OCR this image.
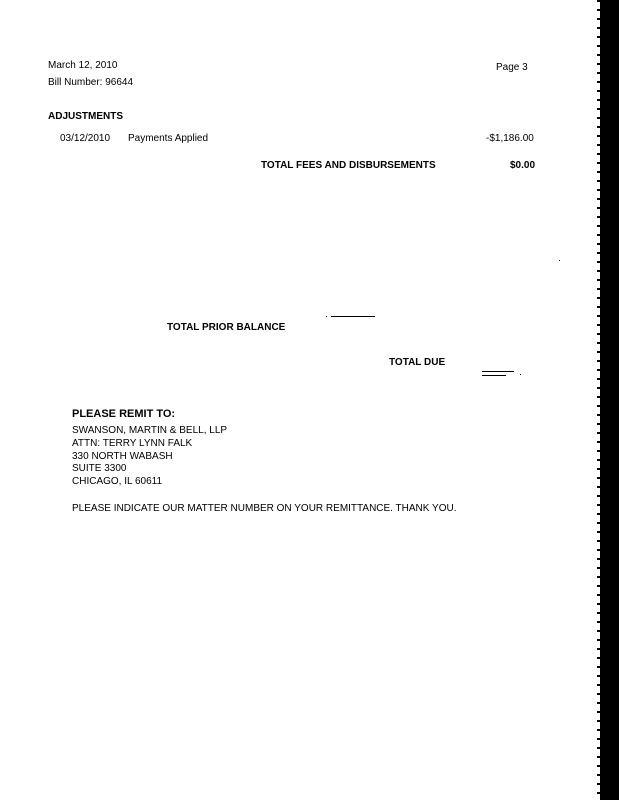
March 12, 2010	Page 3
Bill Number: 96644
ADJUSTMENTS
03/12/2010 Payments Applied	-$1,186.00
TOTAL FEES AND DISBURSEMENTS	$0.00
TOTAL PRIOR BALANCE
TOTAL DUE
PLEASE REMIT TO:
SWANSON, MARTIN & BELL, LLP
ATTN: TERRY LYNN FALK
330 NORTH WABASH
SUITE 3300
CHICAGO, IL 60611
PLEASE INDICATE OUR MATTER NUMBER ON YOUR REMITTANCE. THANK YOU.
